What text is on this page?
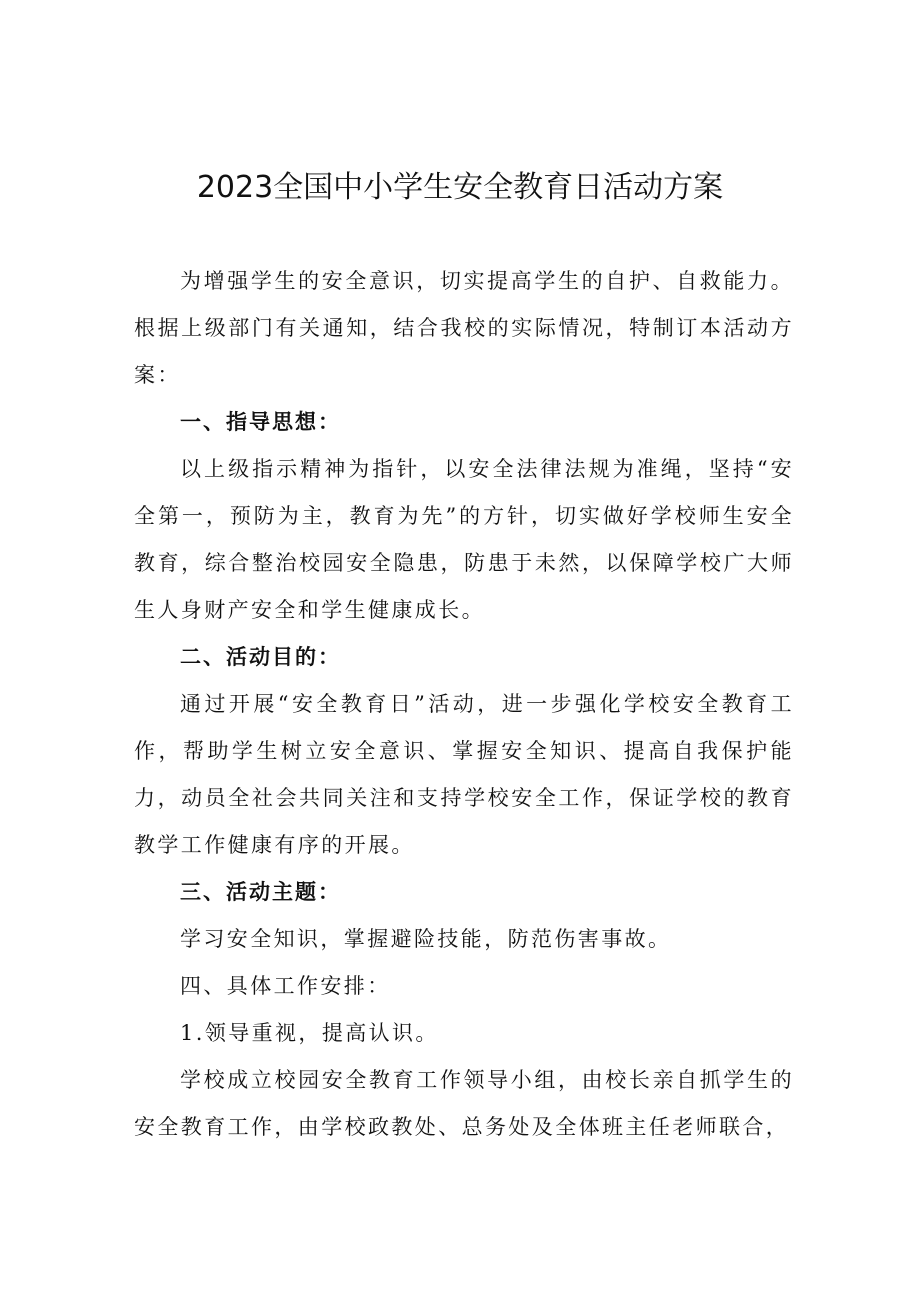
2023全国中小学生安全教育日活动方案

为增强学生的安全意识，切实提高学生的自护、自救能力。根据上级部门有关通知，结合我校的实际情况，特制订本活动方案：

一、指导思想：

以上级指示精神为指针，以安全法律法规为准绳，坚持“安全第一，预防为主，教育为先”的方针，切实做好学校师生安全教育，综合整治校园安全隐患，防患于未然，以保障学校广大师生人身财产安全和学生健康成长。

二、活动目的：

通过开展“安全教育日”活动，进一步强化学校安全教育工作，帮助学生树立安全意识、掌握安全知识、提高自我保护能力，动员全社会共同关注和支持学校安全工作，保证学校的教育教学工作健康有序的开展。

三、活动主题：

学习安全知识，掌握避险技能，防范伤害事故。

四、具体工作安排：

1.领导重视，提高认识。

学校成立校园安全教育工作领导小组，由校长亲自抓学生的安全教育工作，由学校政教处、总务处及全体班主任老师联合，
